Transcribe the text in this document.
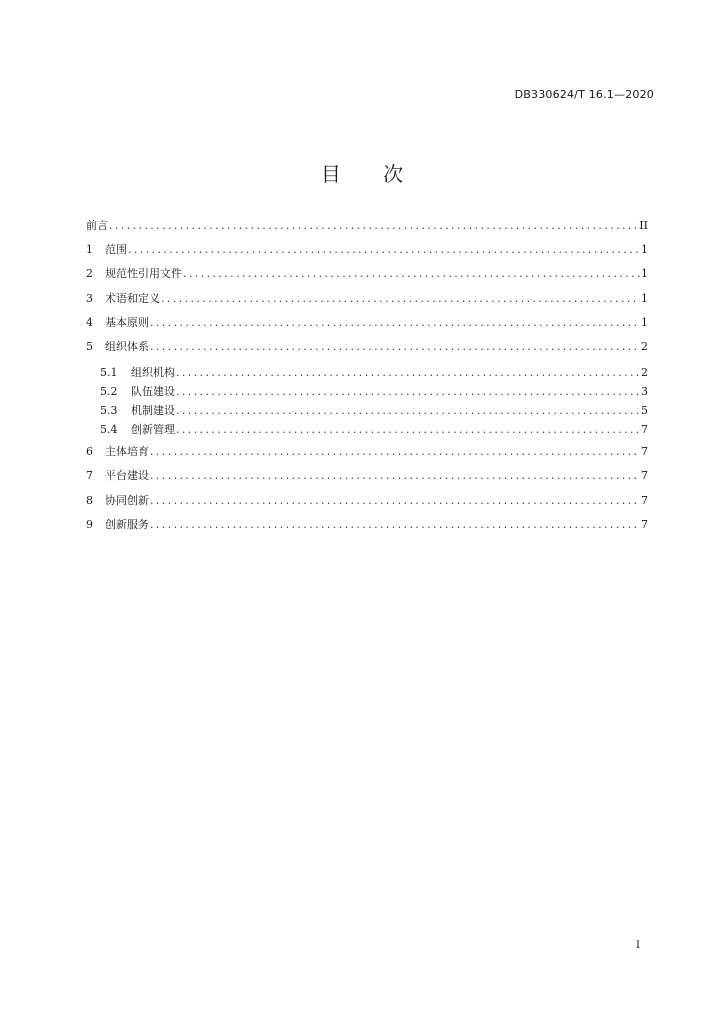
DB330624/T 16.1—2020
目 次
前言 .....	II
1	范围 .....	1
2	规范性引用文件 .....	1
3	术语和定义 .....	1
4	基本原则 .....	1
5	组织体系 .....	2
5.1	组织机构 .....	2
5.2	队伍建设 .....	3
5.3	机制建设 .....	5
5.4	创新管理 .....	7
6	主体培育 .....	7
7	平台建设 .....	7
8	协同创新 .....	7
9	创新服务 .....	7
I
